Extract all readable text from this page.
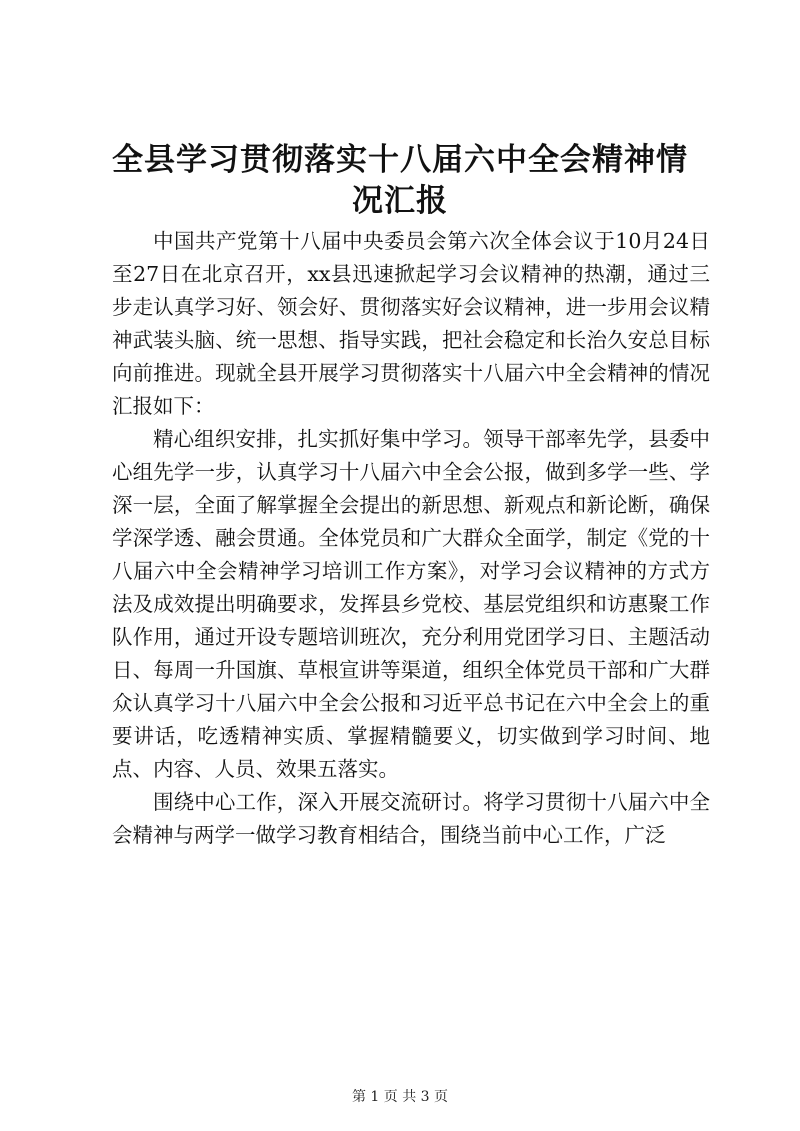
全县学习贯彻落实十八届六中全会精神情况汇报

中国共产党第十八届中央委员会第六次全体会议于10月24日至27日在北京召开，xx县迅速掀起学习会议精神的热潮，通过三步走认真学习好、领会好、贯彻落实好会议精神，进一步用会议精神武装头脑、统一思想、指导实践，把社会稳定和长治久安总目标向前推进。现就全县开展学习贯彻落实十八届六中全会精神的情况汇报如下：

精心组织安排，扎实抓好集中学习。领导干部率先学，县委中心组先学一步，认真学习十八届六中全会公报，做到多学一些、学深一层，全面了解掌握全会提出的新思想、新观点和新论断，确保学深学透、融会贯通。全体党员和广大群众全面学，制定《党的十八届六中全会精神学习培训工作方案》，对学习会议精神的方式方法及成效提出明确要求，发挥县乡党校、基层党组织和访惠聚工作队作用，通过开设专题培训班次，充分利用党团学习日、主题活动日、每周一升国旗、草根宣讲等渠道，组织全体党员干部和广大群众认真学习十八届六中全会公报和习近平总书记在六中全会上的重要讲话，吃透精神实质、掌握精髓要义，切实做到学习时间、地点、内容、人员、效果五落实。

围绕中心工作，深入开展交流研讨。将学习贯彻十八届六中全会精神与两学一做学习教育相结合，围绕当前中心工作，广泛

第 1 页 共 3 页
